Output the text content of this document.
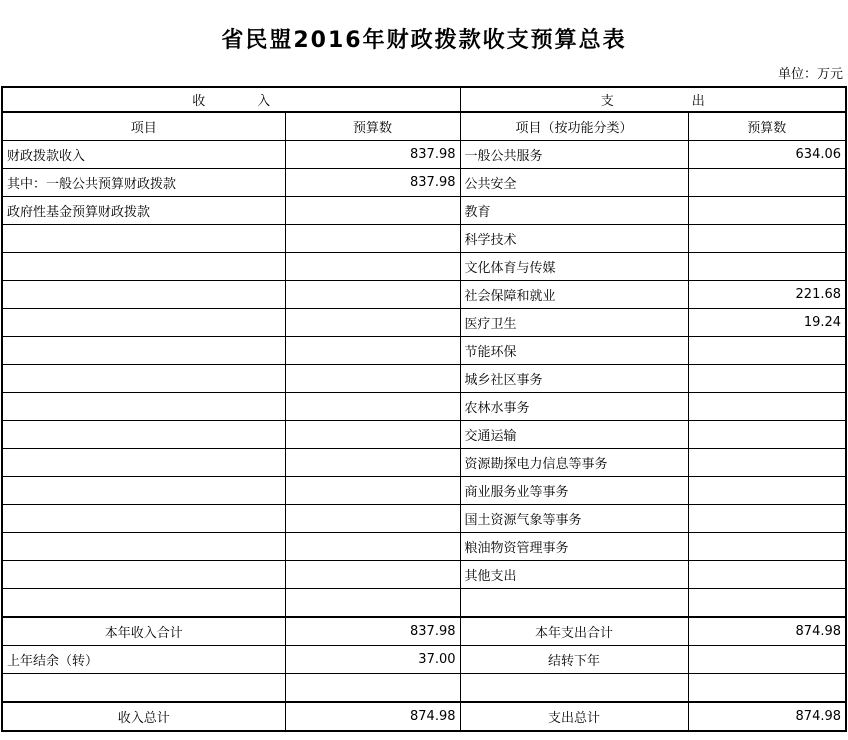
省民盟2016年财政拨款收支预算总表
单位：万元
收　　　　入		支　　　　　　出	
项目	预算数	项目（按功能分类）	预算数
财政拨款收入	837.98	一般公共服务	634.06
其中：一般公共预算财政拨款	837.98	公共安全	
政府性基金预算财政拨款		教育	
		科学技术	
		文化体育与传媒	
		社会保障和就业	221.68
		医疗卫生	19.24
		节能环保	
		城乡社区事务	
		农林水事务	
		交通运输	
		资源勘探电力信息等事务	
		商业服务业等事务	
		国土资源气象等事务	
		粮油物资管理事务	
		其他支出	

本年收入合计	837.98	本年支出合计	874.98
上年结余（转）	37.00	结转下年	

收入总计	874.98	支出总计	874.98
